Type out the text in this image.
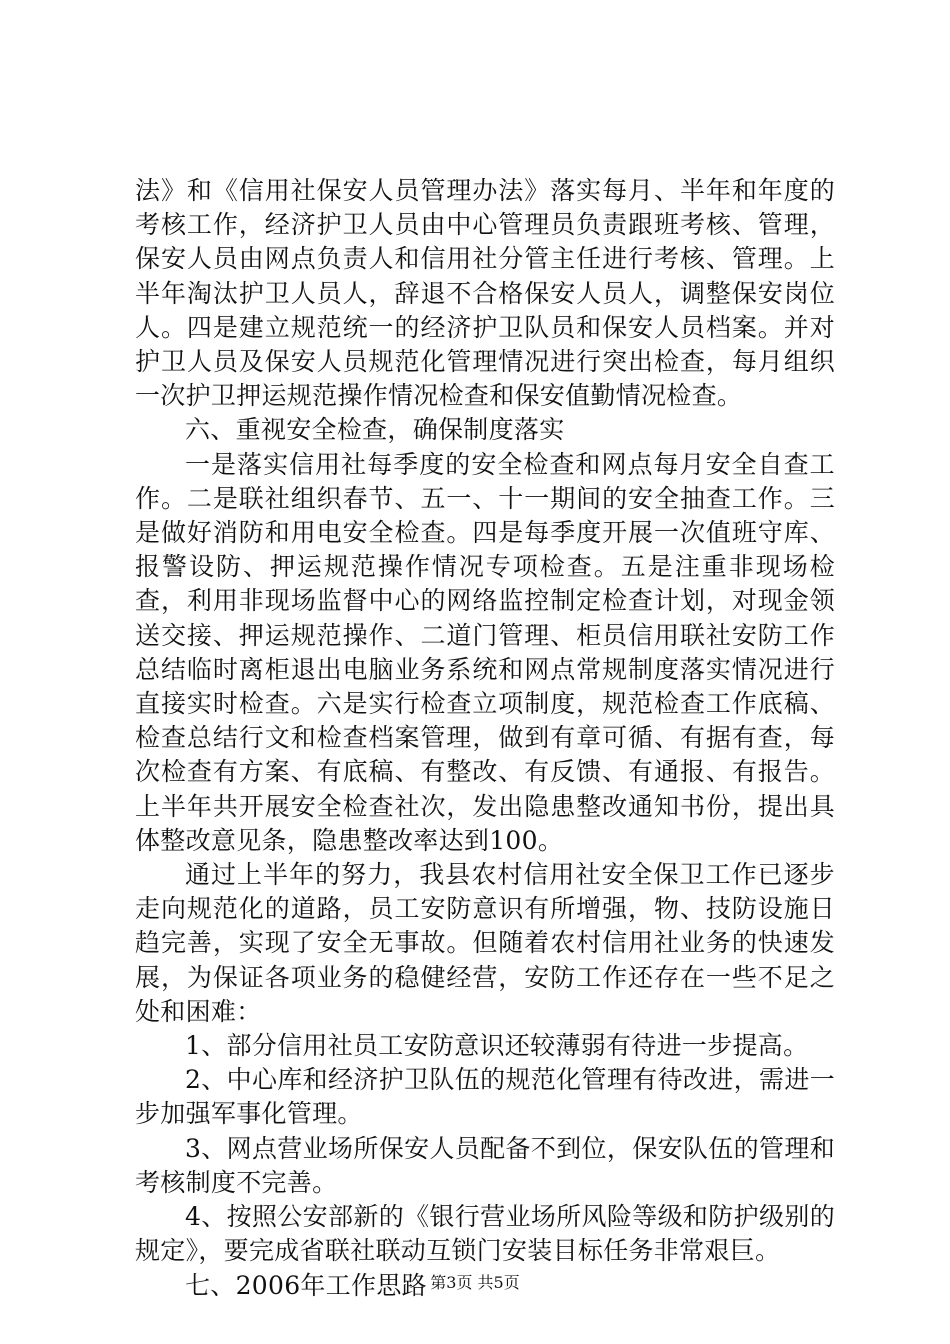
法》和《信用社保安人员管理办法》落实每月、半年和年度的考核工作，经济护卫人员由中心管理员负责跟班考核、管理，保安人员由网点负责人和信用社分管主任进行考核、管理。上半年淘汰护卫人员人，辞退不合格保安人员人，调整保安岗位人。四是建立规范统一的经济护卫队员和保安人员档案。并对护卫人员及保安人员规范化管理情况进行突出检查，每月组织一次护卫押运规范操作情况检查和保安值勤情况检查。

六、重视安全检查，确保制度落实

一是落实信用社每季度的安全检查和网点每月安全自查工作。二是联社组织春节、五一、十一期间的安全抽查工作。三是做好消防和用电安全检查。四是每季度开展一次值班守库、报警设防、押运规范操作情况专项检查。五是注重非现场检查，利用非现场监督中心的网络监控制定检查计划，对现金领送交接、押运规范操作、二道门管理、柜员信用联社安防工作总结临时离柜退出电脑业务系统和网点常规制度落实情况进行直接实时检查。六是实行检查立项制度，规范检查工作底稿、检查总结行文和检查档案管理，做到有章可循、有据有查，每次检查有方案、有底稿、有整改、有反馈、有通报、有报告。上半年共开展安全检查社次，发出隐患整改通知书份，提出具体整改意见条，隐患整改率达到100。

通过上半年的努力，我县农村信用社安全保卫工作已逐步走向规范化的道路，员工安防意识有所增强，物、技防设施日趋完善，实现了安全无事故。但随着农村信用社业务的快速发展，为保证各项业务的稳健经营，安防工作还存在一些不足之处和困难：

1、部分信用社员工安防意识还较薄弱有待进一步提高。

2、中心库和经济护卫队伍的规范化管理有待改进，需进一步加强军事化管理。

3、网点营业场所保安人员配备不到位，保安队伍的管理和考核制度不完善。

4、按照公安部新的《银行营业场所风险等级和防护级别的规定》，要完成省联社联动互锁门安装目标任务非常艰巨。

七、2006年工作思路 第3页 共5页
